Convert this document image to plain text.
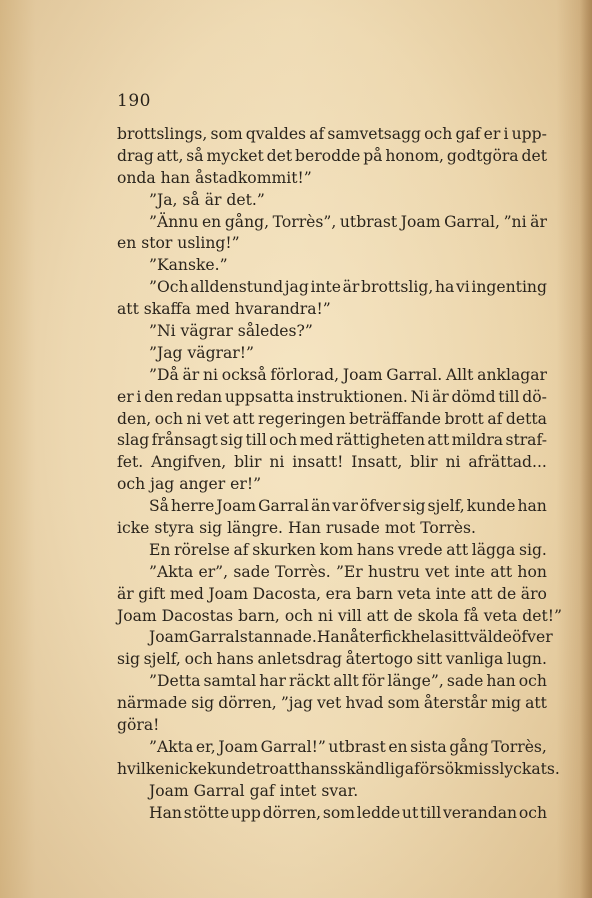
190
brottslings, som qvaldes af samvetsagg och gaf er i upp-
drag att, så mycket det berodde på honom, godtgöra det
onda han åstadkommit!”
”Ja, så är det.”
”Ännu en gång, Torrès”, utbrast Joam Garral, ”ni är
en stor usling!”
”Kanske.”
”Och alldenstund jag inte är brottslig, ha vi ingenting
att skaffa med hvarandra!”
”Ni vägrar således?”
”Jag vägrar!”
”Då är ni också förlorad, Joam Garral. Allt anklagar
er i den redan uppsatta instruktionen. Ni är dömd till dö-
den, och ni vet att regeringen beträffande brott af detta
slag frånsagt sig till och med rättigheten att mildra straf-
fet. Angifven, blir ni insatt! Insatt, blir ni afrättad...
och jag anger er!”
Så herre Joam Garral än var öfver sig sjelf, kunde han
icke styra sig längre. Han rusade mot Torrès.
En rörelse af skurken kom hans vrede att lägga sig.
”Akta er”, sade Torrès. ”Er hustru vet inte att hon
är gift med Joam Dacosta, era barn veta inte att de äro
Joam Dacostas barn, och ni vill att de skola få veta det!”
Joam Garral stannade. Han återfick hela sitt välde öfver
sig sjelf, och hans anletsdrag återtogo sitt vanliga lugn.
”Detta samtal har räckt allt för länge”, sade han och
närmade sig dörren, ”jag vet hvad som återstår mig att
göra!
”Akta er, Joam Garral!” utbrast en sista gång Torrès,
hvilken icke kunde tro att hans skändliga försök misslyckats.
Joam Garral gaf intet svar.
Han stötte upp dörren, som ledde ut till verandan och
